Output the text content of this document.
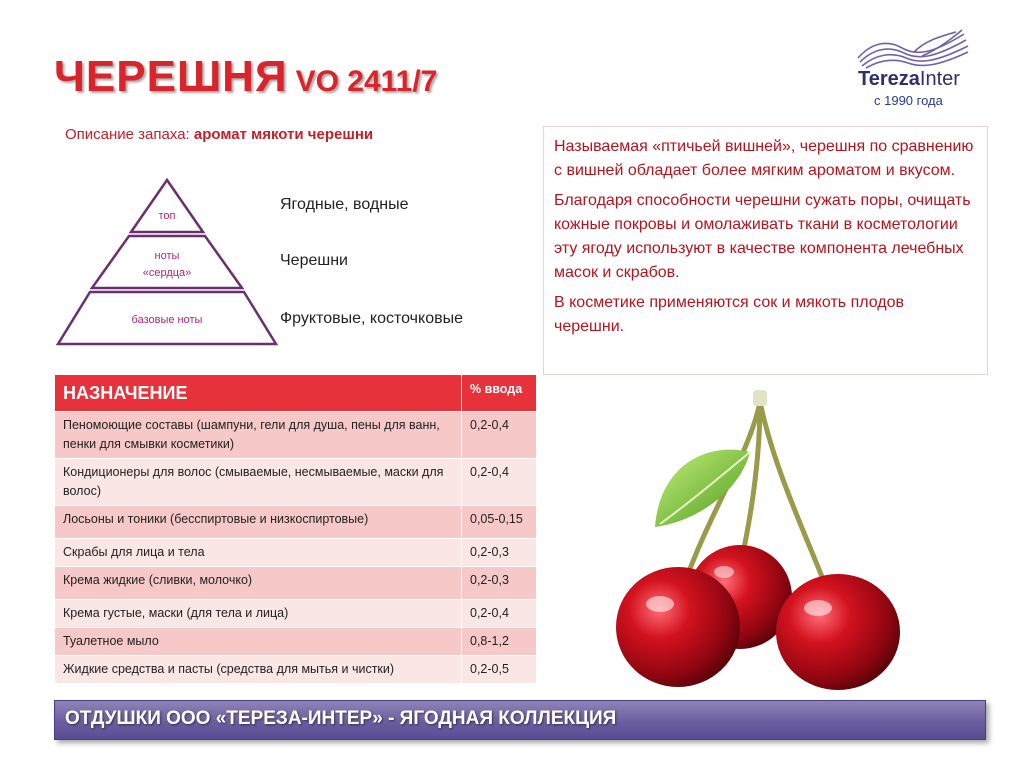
ЧЕРЕШНЯ VO 2411/7	TerezaInter
с 1990 года
Описание запаха: аромат мякоти черешни
топ
ноты
«сердца»
базовые ноты
Ягодные, водные
Черешни
Фруктовые, косточковые

Называемая «птичьей вишней», черешня по сравнению с вишней обладает более мягким ароматом и вкусом.

Благодаря способности черешни сужать поры, очищать кожные покровы и омолаживать ткани в косметологии эту ягоду используют в качестве компонента лечебных масок и скрабов.

В косметике применяются сок и мякоть плодов черешни.

НАЗНАЧЕНИЕ	% ввода
Пеномоющие составы (шампуни, гели для душа, пены для ванн, пенки для смывки косметики)	0,2-0,4
Кондиционеры для волос (смываемые, несмываемые, маски для волос)	0,2-0,4
Лосьоны и тоники (бесспиртовые и низкоспиртовые)	0,05-0,15
Скрабы для лица и тела	0,2-0,3
Крема жидкие (сливки, молочко)	0,2-0,3
Крема густые, маски (для тела и лица)	0,2-0,4
Туалетное мыло	0,8-1,2
Жидкие средства и пасты (средства для мытья и чистки)	0,2-0,5
ОТДУШКИ ООО «ТЕРЕЗА-ИНТЕР» - ЯГОДНАЯ КОЛЛЕКЦИЯ
